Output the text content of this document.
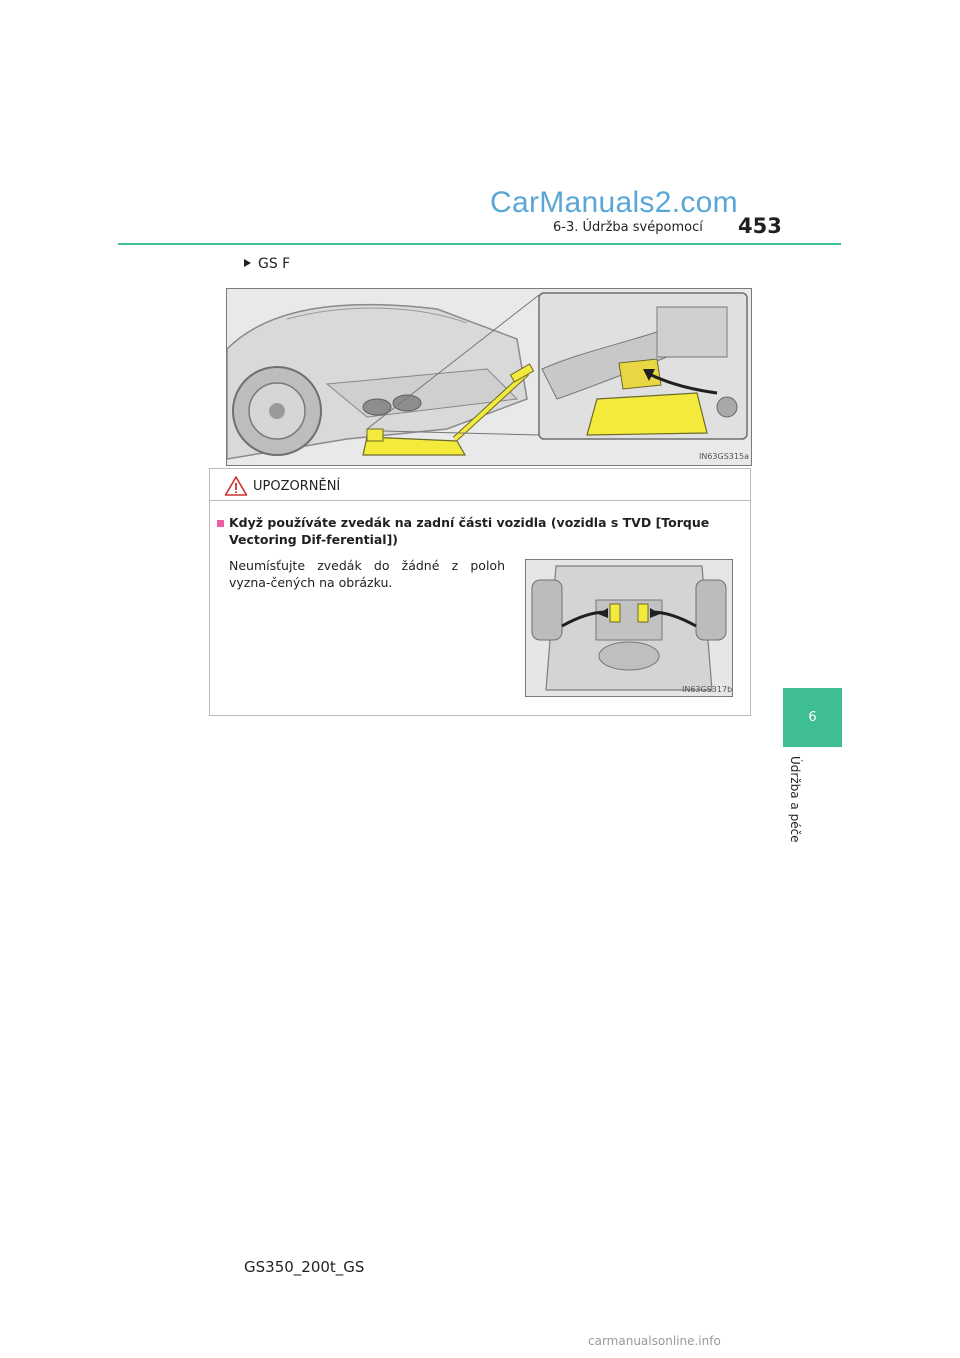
CarManuals2.com
6-3. Údržba svépomocí 453
6
Údržba a péče
GS F
IN63GS315a
UPOZORNĚNÍ
Když používáte zvedák na zadní části vozidla (vozidla s TVD [Torque Vectoring Dif-ferential])
Neumísťujte zvedák do žádné z poloh vyzna-čených na obrázku.
IN63GS317b
GS350_200t_GS
carmanualsonline.info
